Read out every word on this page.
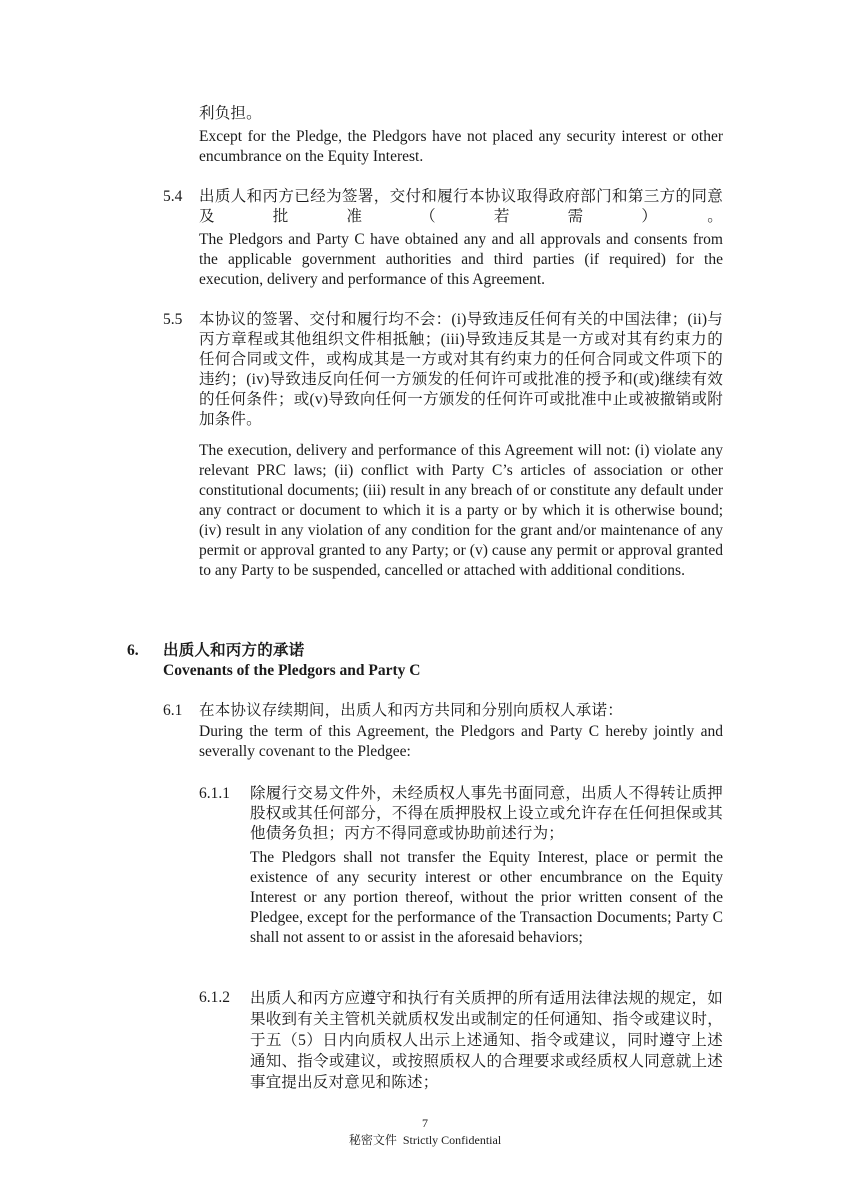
利负担。

Except for the Pledge, the Pledgors have not placed any security interest or other encumbrance on the Equity Interest.

5.4 出质人和丙方已经为签署，交付和履行本协议取得政府部门和第三方的同意及批准（若需）。

The Pledgors and Party C have obtained any and all approvals and consents from the applicable government authorities and third parties (if required) for the execution, delivery and performance of this Agreement.

5.5 本协议的签署、交付和履行均不会：(i)导致违反任何有关的中国法律；(ii)与丙方章程或其他组织文件相抵触；(iii)导致违反其是一方或对其有约束力的任何合同或文件，或构成其是一方或对其有约束力的任何合同或文件项下的违约；(iv)导致违反向任何一方颁发的任何许可或批准的授予和(或)继续有效的任何条件；或(v)导致向任何一方颁发的任何许可或批准中止或被撤销或附加条件。

The execution, delivery and performance of this Agreement will not: (i) violate any relevant PRC laws; (ii) conflict with Party C’s articles of association or other constitutional documents; (iii) result in any breach of or constitute any default under any contract or document to which it is a party or by which it is otherwise bound; (iv) result in any violation of any condition for the grant and/or maintenance of any permit or approval granted to any Party; or (v) cause any permit or approval granted to any Party to be suspended, cancelled or attached with additional conditions.

6. 出质人和丙方的承诺

Covenants of the Pledgors and Party C

6.1 在本协议存续期间，出质人和丙方共同和分别向质权人承诺：

During the term of this Agreement, the Pledgors and Party C hereby jointly and severally covenant to the Pledgee:

6.1.1 除履行交易文件外，未经质权人事先书面同意，出质人不得转让质押股权或其任何部分，不得在质押股权上设立或允许存在任何担保或其他债务负担；丙方不得同意或协助前述行为；

The Pledgors shall not transfer the Equity Interest, place or permit the existence of any security interest or other encumbrance on the Equity Interest or any portion thereof, without the prior written consent of the Pledgee, except for the performance of the Transaction Documents; Party C shall not assent to or assist in the aforesaid behaviors;

6.1.2 出质人和丙方应遵守和执行有关质押的所有适用法律法规的规定，如果收到有关主管机关就质权发出或制定的任何通知、指令或建议时，于五（5）日内向质权人出示上述通知、指令或建议，同时遵守上述通知、指令或建议，或按照质权人的合理要求或经质权人同意就上述事宜提出反对意见和陈述；

7
秘密文件  Strictly Confidential
